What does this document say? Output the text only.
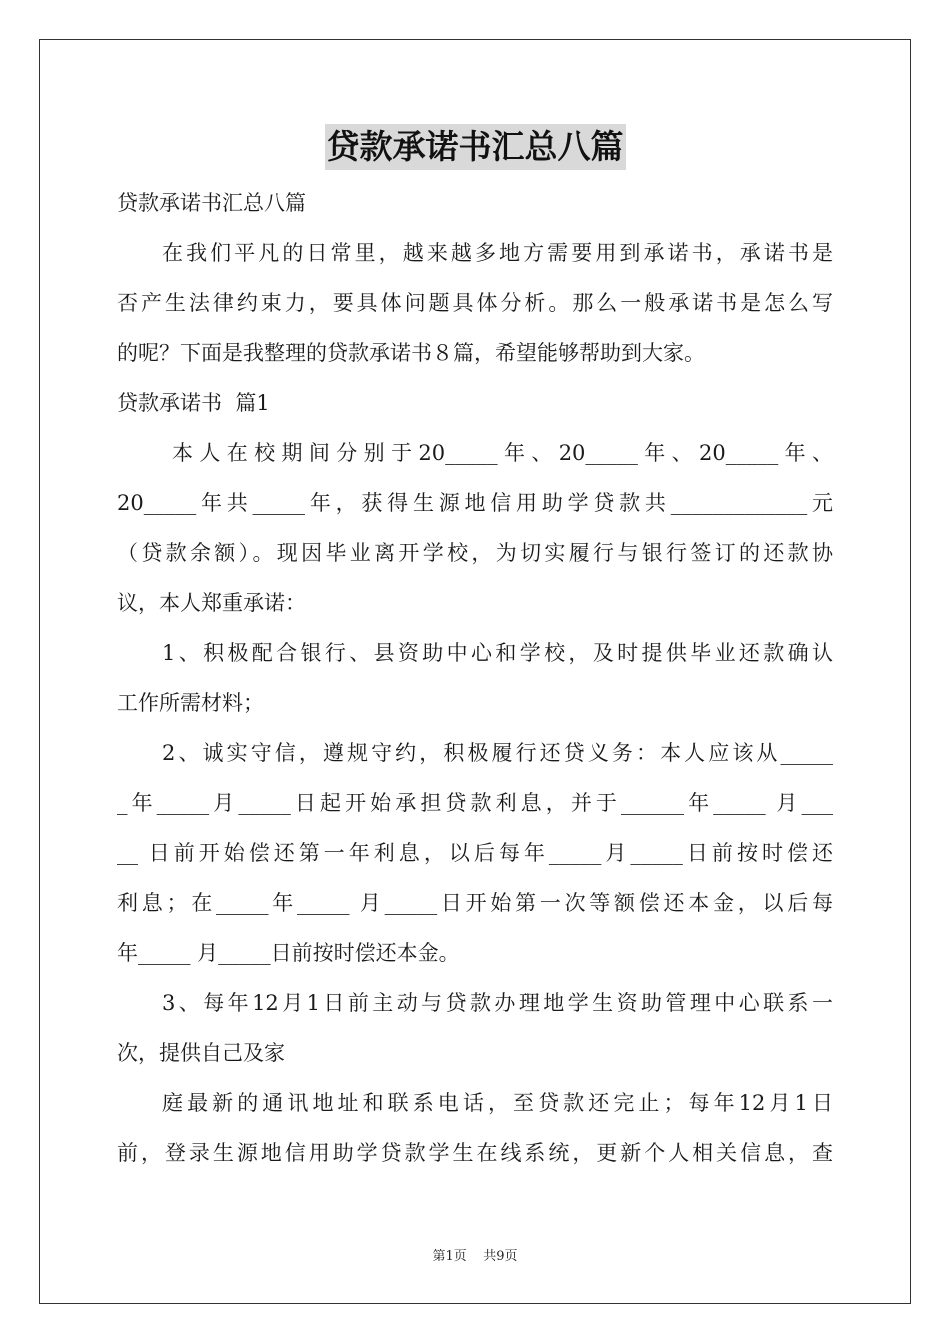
贷款承诺书汇总八篇
贷款承诺书汇总八篇
在我们平凡的日常里，越来越多地方需要用到承诺书，承诺书是
否产生法律约束力，要具体问题具体分析。那么一般承诺书是怎么写
的呢？下面是我整理的贷款承诺书８篇，希望能够帮助到大家。
贷款承诺书  篇1
本人在校期间分别于20_____年、20_____年、20_____年、
20_____年共_____年，获得生源地信用助学贷款共_____________元
（贷款余额）。现因毕业离开学校，为切实履行与银行签订的还款协
议，本人郑重承诺：
1、积极配合银行、县资助中心和学校，及时提供毕业还款确认
工作所需材料；
2、诚实守信，遵规守约，积极履行还贷义务：本人应该从_____
_年_____月_____日起开始承担贷款利息，并于______年_____ 月___
__ 日前开始偿还第一年利息，以后每年_____月_____日前按时偿还
利息；在_____年_____ 月_____日开始第一次等额偿还本金，以后每
年_____ 月_____日前按时偿还本金。
3、每年12月1日前主动与贷款办理地学生资助管理中心联系一
次，提供自己及家
庭最新的通讯地址和联系电话，至贷款还完止；每年12月1日
前，登录生源地信用助学贷款学生在线系统，更新个人相关信息，查
第1页    共9页
